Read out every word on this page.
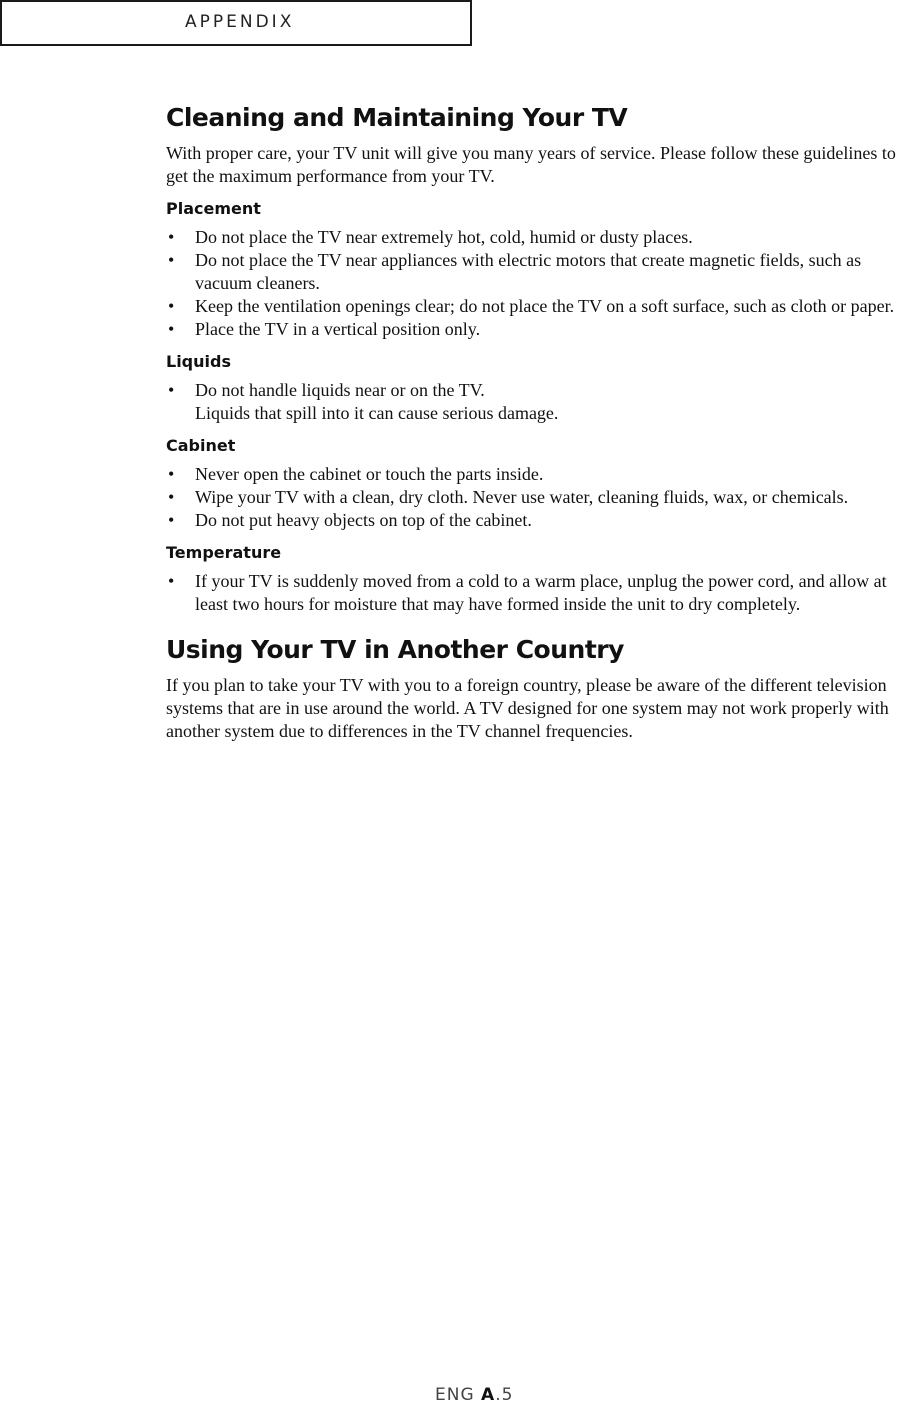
APPENDIX
Cleaning and Maintaining Your TV

With proper care, your TV unit will give you many years of service. Please follow these guidelines to get the maximum performance from your TV.

Placement
• Do not place the TV near extremely hot, cold, humid or dusty places.
• Do not place the TV near appliances with electric motors that create magnetic fields, such as vacuum cleaners.
• Keep the ventilation openings clear; do not place the TV on a soft surface, such as cloth or paper.
• Place the TV in a vertical position only.
Liquids
• Do not handle liquids near or on the TV.
Liquids that spill into it can cause serious damage.
Cabinet
• Never open the cabinet or touch the parts inside.
• Wipe your TV with a clean, dry cloth. Never use water, cleaning fluids, wax, or chemicals.
• Do not put heavy objects on top of the cabinet.
Temperature
• If your TV is suddenly moved from a cold to a warm place, unplug the power cord, and allow at least two hours for moisture that may have formed inside the unit to dry completely.
Using Your TV in Another Country

If you plan to take your TV with you to a foreign country, please be aware of the different television systems that are in use around the world. A TV designed for one system may not work properly with another system due to differences in the TV channel frequencies.

ENG A.5
